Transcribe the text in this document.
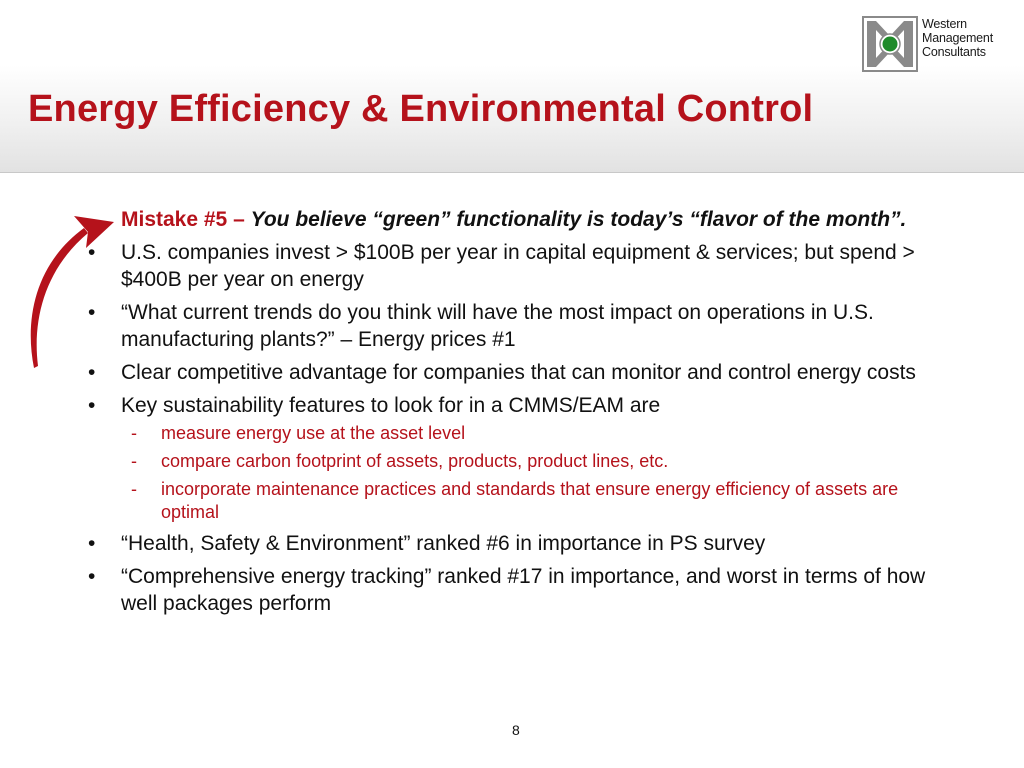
Energy Efficiency & Environmental Control
Western
Management
Consultants
Mistake #5 – You believe “green” functionality is today’s “flavor of the month”.
•	U.S. companies invest > $100B per year in capital equipment & services; but spend > $400B per year on energy
•	“What current trends do you think will have the most impact on operations in U.S. manufacturing plants?” – Energy prices #1
•	Clear competitive advantage for companies that can monitor and control energy costs
•	Key sustainability features to look for in a CMMS/EAM are
- measure energy use at the asset level
- compare carbon footprint of assets, products, product lines, etc.
- incorporate maintenance practices and standards that ensure energy efficiency of assets are optimal
•	“Health, Safety & Environment” ranked #6 in importance in PS survey
•	“Comprehensive energy tracking” ranked #17 in importance, and worst in terms of how well packages perform
8
